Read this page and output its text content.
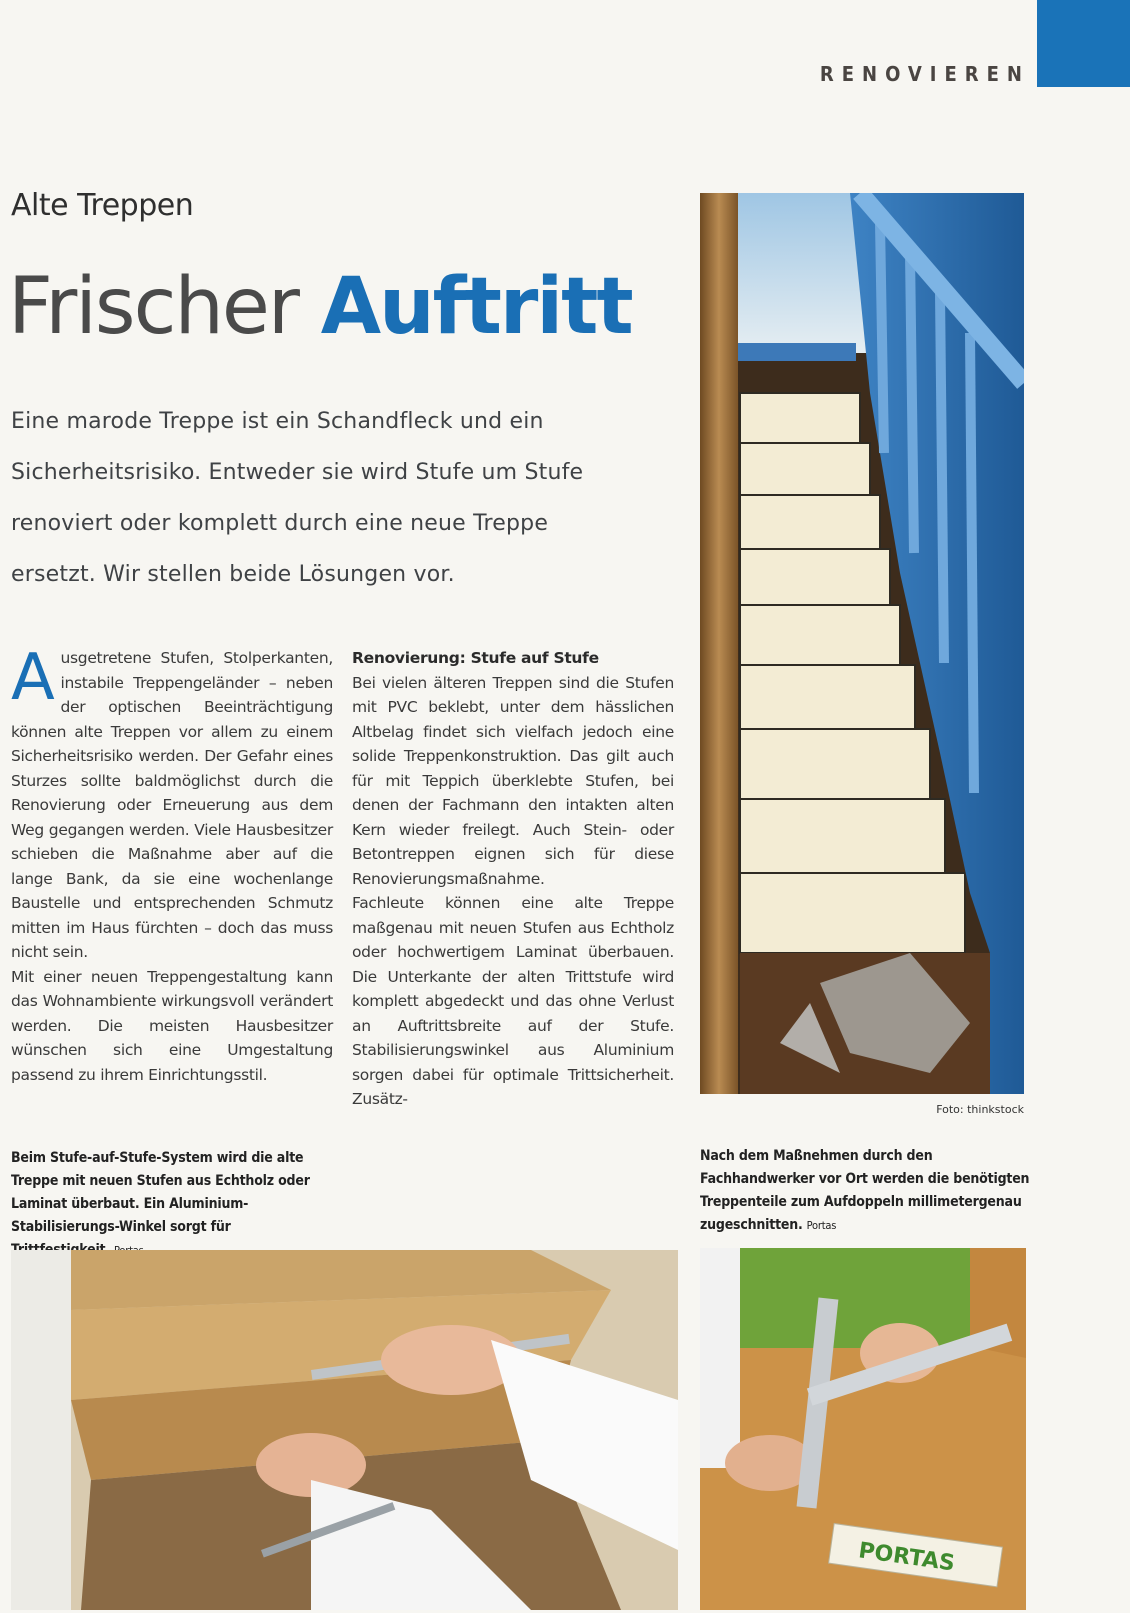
RENOVIEREN
Alte Treppen
Frischer Auftritt
Eine marode Treppe ist ein Schandfleck und ein Sicherheitsrisiko. Entweder sie wird Stufe um Stufe renoviert oder komplett durch eine neue Treppe ersetzt. Wir stellen beide Lösungen vor.

Ausgetretene Stufen, Stolperkanten, instabile Treppengeländer – neben der optischen Beeinträchtigung können alte Treppen vor allem zu einem Sicherheitsrisiko werden. Der Gefahr eines Sturzes sollte baldmöglichst durch die Renovierung oder Erneuerung aus dem Weg gegangen werden. Viele Hausbesitzer schieben die Maßnahme aber auf die lange Bank, da sie eine wochenlange Baustelle und entsprechenden Schmutz mitten im Haus fürchten – doch das muss nicht sein.

Mit einer neuen Treppengestaltung kann das Wohnambiente wirkungsvoll verändert werden. Die meisten Hausbesitzer wünschen sich eine Umgestaltung passend zu ihrem Einrichtungsstil.

Renovierung: Stufe auf Stufe

Bei vielen älteren Treppen sind die Stufen mit PVC beklebt, unter dem hässlichen Altbelag findet sich vielfach jedoch eine solide Treppenkonstruktion. Das gilt auch für mit Teppich überklebte Stufen, bei denen der Fachmann den intakten alten Kern wieder freilegt. Auch Stein- oder Betontreppen eignen sich für diese Renovierungsmaßnahme.

Fachleute können eine alte Treppe maßgenau mit neuen Stufen aus Echtholz oder hochwertigem Laminat überbauen. Die Unterkante der alten Trittstufe wird komplett abgedeckt und das ohne Verlust an Auftrittsbreite auf der Stufe. Stabilisierungswinkel aus Aluminium sorgen dabei für optimale Trittsicherheit. Zusätz-

Foto: thinkstock
Beim Stufe-auf-Stufe-System wird die alte Treppe mit neuen Stufen aus Echtholz oder Laminat überbaut. Ein Aluminium-Stabilisierungs-Winkel sorgt für
Nach dem Maßnehmen durch den Fachhandwerker vor Ort werden die benötigten Treppenteile zum Aufdoppeln millimetergenau zugeschnitten. Portas
PORTAS
